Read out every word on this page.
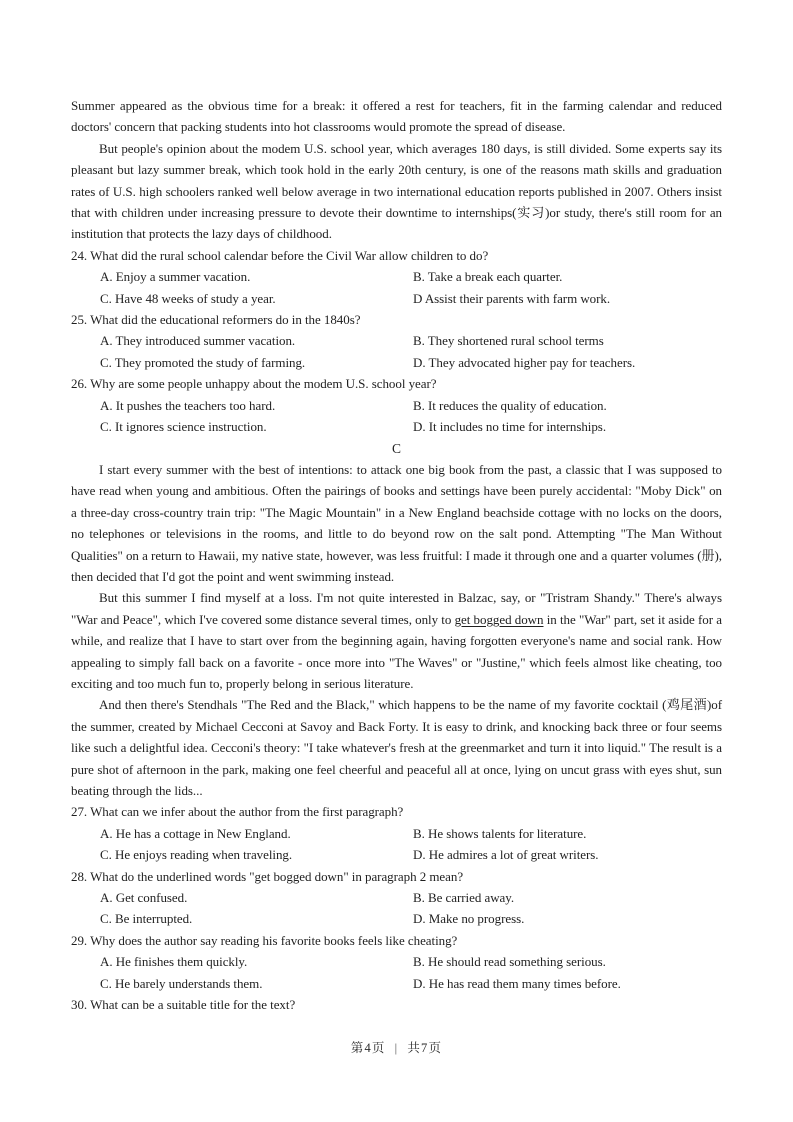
Summer appeared as the obvious time for a break: it offered a rest for teachers, fit in the farming calendar and reduced doctors' concern that packing students into hot classrooms would promote the spread of disease.

But people's opinion about the modem U.S. school year, which averages 180 days, is still divided. Some experts say its pleasant but lazy summer break, which took hold in the early 20th century, is one of the reasons math skills and graduation rates of U.S. high schoolers ranked well below average in two international education reports published in 2007. Others insist that with children under increasing pressure to devote their downtime to internships(实习)or study, there's still room for an institution that protects the lazy days of childhood.

24. What did the rural school calendar before the Civil War allow children to do?
A. Enjoy a summer vacation.	B. Take a break each quarter.
C. Have 48 weeks of study a year.	D Assist their parents with farm work.
25. What did the educational reformers do in the 1840s?
A. They introduced summer vacation.	B. They shortened rural school terms
C. They promoted the study of farming.	D. They advocated higher pay for teachers.
26. Why are some people unhappy about the modem U.S. school year?
A. It pushes the teachers too hard.	B. It reduces the quality of education.
C. It ignores science instruction.	D. It includes no time for internships.
C

I start every summer with the best of intentions: to attack one big book from the past, a classic that I was supposed to have read when young and ambitious. Often the pairings of books and settings have been purely accidental: "Moby Dick" on a three-day cross-country train trip: "The Magic Mountain" in a New England beachside cottage with no locks on the doors, no telephones or televisions in the rooms, and little to do beyond row on the salt pond. Attempting "The Man Without Qualities" on a return to Hawaii, my native state, however, was less fruitful: I made it through one and a quarter volumes (册), then decided that I'd got the point and went swimming instead.

But this summer I find myself at a loss. I'm not quite interested in Balzac, say, or "Tristram Shandy." There's always "War and Peace", which I've covered some distance several times, only to get bogged down in the "War" part, set it aside for a while, and realize that I have to start over from the beginning again, having forgotten everyone's name and social rank. How appealing to simply fall back on a favorite - once more into "The Waves" or "Justine," which feels almost like cheating, too exciting and too much fun to, properly belong in serious literature.

And then there's Stendhals "The Red and the Black," which happens to be the name of my favorite cocktail (鸡尾酒)of the summer, created by Michael Cecconi at Savoy and Back Forty. It is easy to drink, and knocking back three or four seems like such a delightful idea. Cecconi's theory: "I take whatever's fresh at the greenmarket and turn it into liquid." The result is a pure shot of afternoon in the park, making one feel cheerful and peaceful all at once, lying on uncut grass with eyes shut, sun beating through the lids...

27. What can we infer about the author from the first paragraph?
A. He has a cottage in New England.	B. He shows talents for literature.
C. He enjoys reading when traveling.	D. He admires a lot of great writers.
28. What do the underlined words "get bogged down" in paragraph 2 mean?
A. Get confused.	B. Be carried away.
C. Be interrupted.	D. Make no progress.
29. Why does the author say reading his favorite books feels like cheating?
A. He finishes them quickly.	B. He should read something serious.
C. He barely understands them.	D. He has read them many times before.
30. What can be a suitable title for the text?
第4页 | 共7页
